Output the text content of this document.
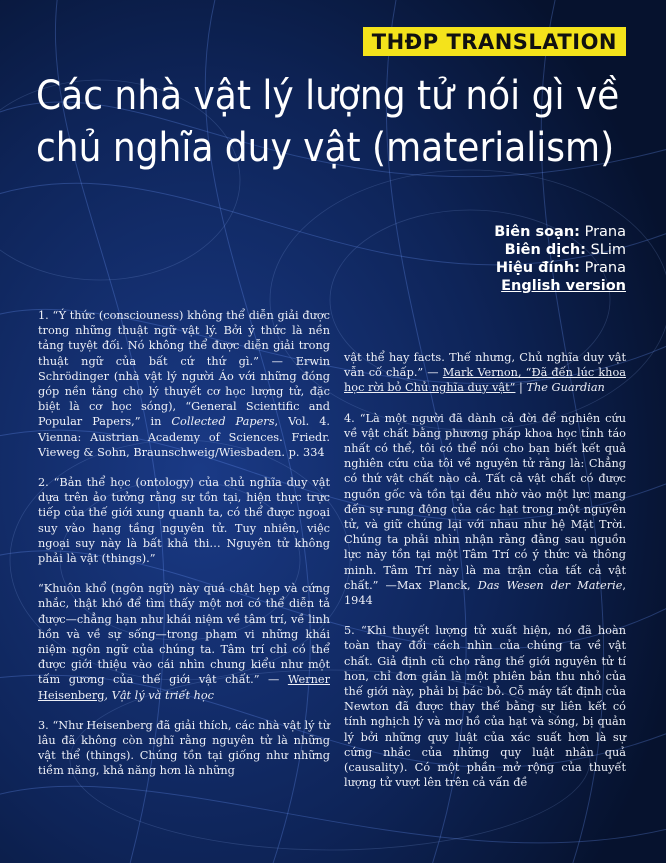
THĐP TRANSLATION
Các nhà vật lý lượng tử nói gì về chủ nghĩa duy vật (materialism)
Biên soạn: Prana
Biên dịch: SLim
Hiệu đính: Prana
English version

1. “Ý thức (consciouness) không thể diễn giải được trong những thuật ngữ vật lý. Bởi ý thức là nền tảng tuyệt đối. Nó không thể được diễn giải trong thuật ngữ của bất cứ thứ gì.” — Erwin Schrödinger (nhà vật lý người Áo với những đóng góp nền tảng cho lý thuyết cơ học lượng tử, đặc biệt là cơ học sóng), “General Scientific and Popular Papers,” in Collected Papers, Vol. 4. Vienna: Austrian Academy of Sciences. Friedr. Vieweg & Sohn, Braunschweig/Wiesbaden. p. 334

2. “Bản thể học (ontology) của chủ nghĩa duy vật dựa trên ảo tưởng rằng sự tồn tại, hiện thực trực tiếp của thế giới xung quanh ta, có thể được ngoại suy vào hạng tầng nguyên tử. Tuy nhiên, việc ngoại suy này là bất khả thi… Nguyên tử không phải là vật (things).”

“Khuôn khổ (ngôn ngữ) này quá chật hẹp và cứng nhắc, thật khó để tìm thấy một nơi có thể diễn tả được—chẳng hạn như khái niệm về tâm trí, về linh hồn và về sự sống—trong phạm vi những khái niệm ngôn ngữ của chúng ta. Tâm trí chỉ có thể được giới thiệu vào cái nhìn chung kiểu như một tấm gương của thế giới vật chất.” — Werner Heisenberg, Vật lý và triết học

3. “Như Heisenberg đã giải thích, các nhà vật lý từ lâu đã không còn nghĩ rằng nguyên tử là những vật thể (things). Chúng tồn tại giống như những tiềm năng, khả năng hơn là những

vật thể hay facts. Thế nhưng, Chủ nghĩa duy vật vẫn cố chấp.” — Mark Vernon, “Đã đến lúc khoa học rời bỏ Chủ nghĩa duy vật” | The Guardian

4. “Là một người đã dành cả đời để nghiên cứu về vật chất bằng phương pháp khoa học tỉnh táo nhất có thể, tôi có thể nói cho bạn biết kết quả nghiên cứu của tôi về nguyên tử rằng là: Chẳng có thứ vật chất nào cả. Tất cả vật chất có được nguồn gốc và tồn tại đều nhờ vào một lực mang đến sự rung động của các hạt trong một nguyên tử, và giữ chúng lại với nhau như hệ Mặt Trời. Chúng ta phải nhìn nhận rằng đằng sau nguồn lực này tồn tại một Tâm Trí có ý thức và thông minh. Tâm Trí này là ma trận của tất cả vật chất.” —Max Planck, Das Wesen der Materie, 1944

5. “Khi thuyết lượng tử xuất hiện, nó đã hoàn toàn thay đổi cách nhìn của chúng ta về vật chất. Giả định cũ cho rằng thế giới nguyên tử tí hon, chỉ đơn giản là một phiên bản thu nhỏ của thế giới này, phải bị bác bỏ. Cỗ máy tất định của Newton đã được thay thế bằng sự liên kết có tính nghịch lý và mơ hồ của hạt và sóng, bị quản lý bởi những quy luật của xác suất hơn là sự cứng nhắc của những quy luật nhân quả (causality). Có một phần mở rộng của thuyết lượng tử vượt lên trên cả vấn đề
